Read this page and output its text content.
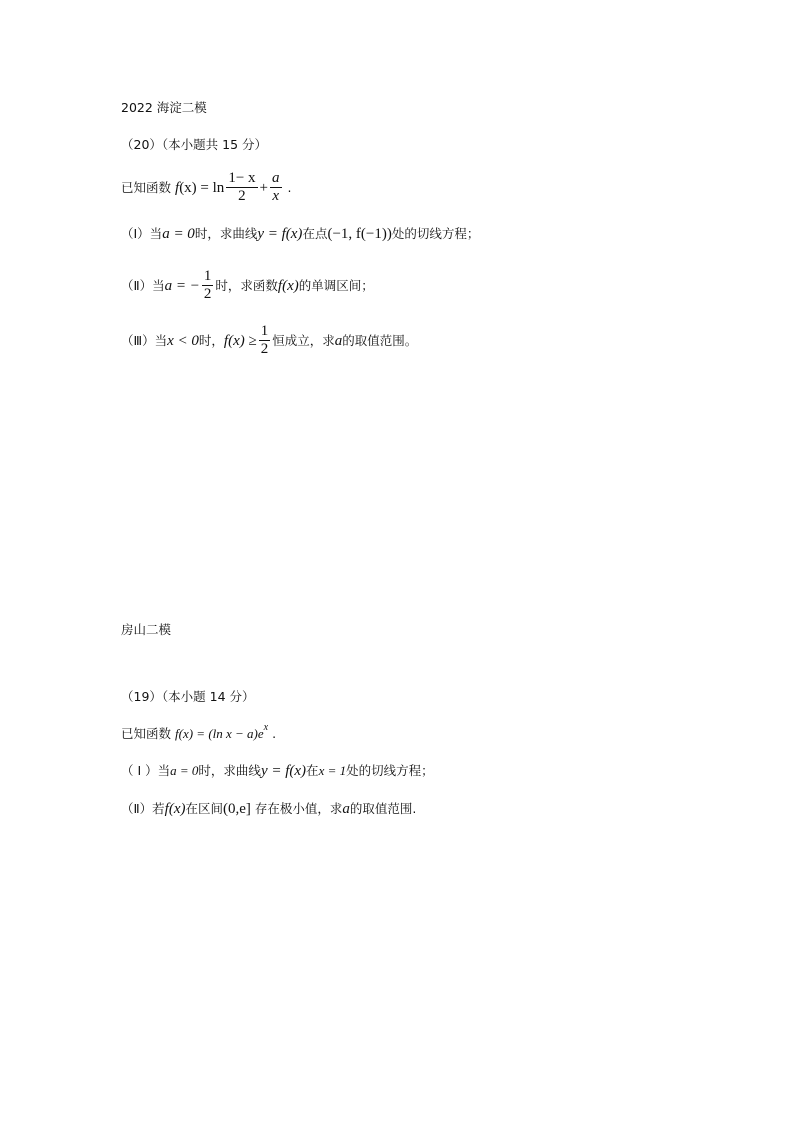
2022 海淀二模
（20）（本小题共 15 分）
已知函数 f $(x) = \ln \frac{1- x}{2} + \frac{a}{x}$ .
（Ⅰ）当 a = 0 时，求曲线 y = f(x) 在点 (−1, f(−1)) 处的切线方程；
（Ⅱ）当 a = − $\frac{1}{2}$ 时，求函数 f(x) 的单调区间；
（Ⅲ）当 x < 0 时， $f(x) \ge \frac{1}{2}$ 恒成立，求 a 的取值范围。
房山二模
（19）（本小题 14 分）
已知函数 f(x) = (ln x − a)e x .
（ Ⅰ ）当 a = 0 时，求曲线 y = f(x) 在 x = 1 处的切线方程；
（Ⅱ）若 f(x) 在区间 (0,e] 存在极小值，求 a 的取值范围.
